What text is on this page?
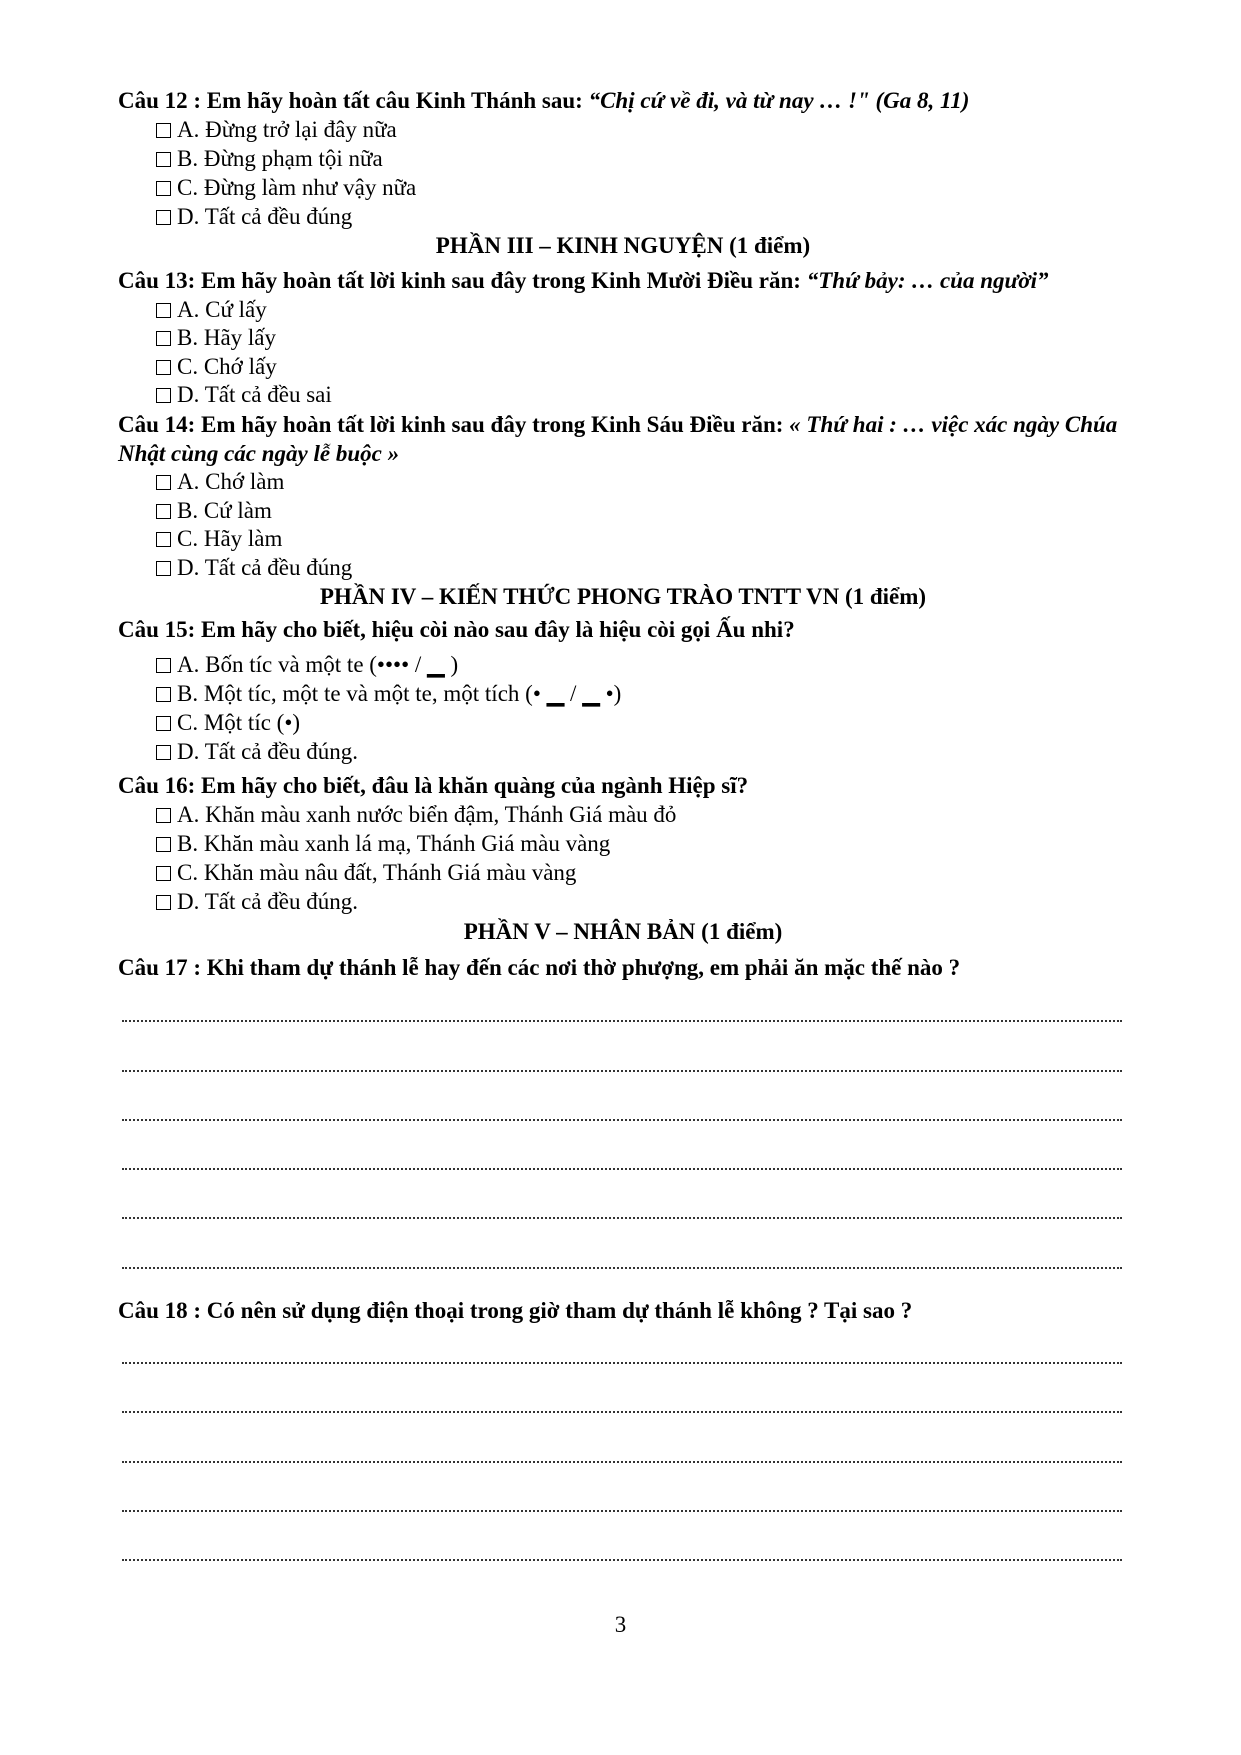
Câu 12 : Em hãy hoàn tất câu Kinh Thánh sau: “Chị cứ về đi, và từ nay … !" (Ga 8, 11)
A. Đừng trở lại đây nữa
B. Đừng phạm tội nữa
C. Đừng làm như vậy nữa
D. Tất cả đều đúng
PHẦN III – KINH NGUYỆN (1 điểm)
Câu 13: Em hãy hoàn tất lời kinh sau đây trong Kinh Mười Điều răn: “Thứ bảy: … của người”
A. Cứ lấy
B. Hãy lấy
C. Chớ lấy
D. Tất cả đều sai
Câu 14: Em hãy hoàn tất lời kinh sau đây trong Kinh Sáu Điều răn: « Thứ hai : … việc xác ngày Chúa Nhật cùng các ngày lễ buộc »
A. Chớ làm
B. Cứ làm
C. Hãy làm
D. Tất cả đều đúng
PHẦN IV – KIẾN THỨC PHONG TRÀO TNTT VN (1 điểm)
Câu 15: Em hãy cho biết, hiệu còi nào sau đây là hiệu còi gọi Ấu nhi?
A. Bốn tíc và một te (•••• / ▁ )
B. Một tíc, một te và một te, một tích (• ▁ / ▁ •)
C. Một tíc (•)
D. Tất cả đều đúng.
Câu 16: Em hãy cho biết, đâu là khăn quàng của ngành Hiệp sĩ?
A. Khăn màu xanh nước biển đậm, Thánh Giá màu đỏ
B. Khăn màu xanh lá mạ, Thánh Giá màu vàng
C. Khăn màu nâu đất, Thánh Giá màu vàng
D. Tất cả đều đúng.
PHẦN V – NHÂN BẢN (1 điểm)
Câu 17 : Khi tham dự thánh lễ hay đến các nơi thờ phượng, em phải ăn mặc thế nào ?
Câu 18 : Có nên sử dụng điện thoại trong giờ tham dự thánh lễ không ? Tại sao ?
3
